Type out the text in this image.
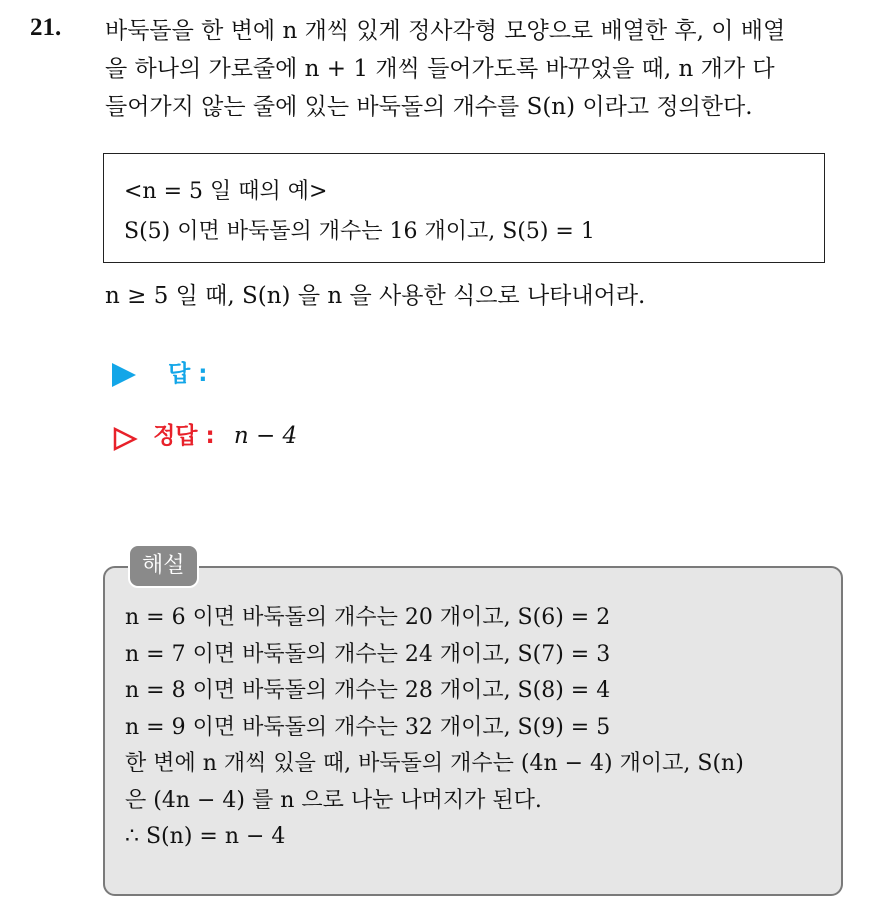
21. 바둑돌을 한 변에 n 개씩 있게 정사각형 모양으로 배열한 후, 이 배열
을 하나의 가로줄에 n + 1 개씩 들어가도록 바꾸었을 때, n 개가 다
들어가지 않는 줄에 있는 바둑돌의 개수를 S(n) 이라고 정의한다.
<n = 5 일 때의 예>
S(5) 이면 바둑돌의 개수는 16 개이고, S(5) = 1
n ≥ 5 일 때, S(n) 을 n 을 사용한 식으로 나타내어라.
답 :
정답 : n − 4
n = 6 이면 바둑돌의 개수는 20 개이고, S(6) = 2
n = 7 이면 바둑돌의 개수는 24 개이고, S(7) = 3
n = 8 이면 바둑돌의 개수는 28 개이고, S(8) = 4
n = 9 이면 바둑돌의 개수는 32 개이고, S(9) = 5
한 변에 n 개씩 있을 때, 바둑돌의 개수는 (4n − 4) 개이고, S(n)
은 (4n − 4) 를 n 으로 나눈 나머지가 된다.
∴ S(n) = n − 4
해설
